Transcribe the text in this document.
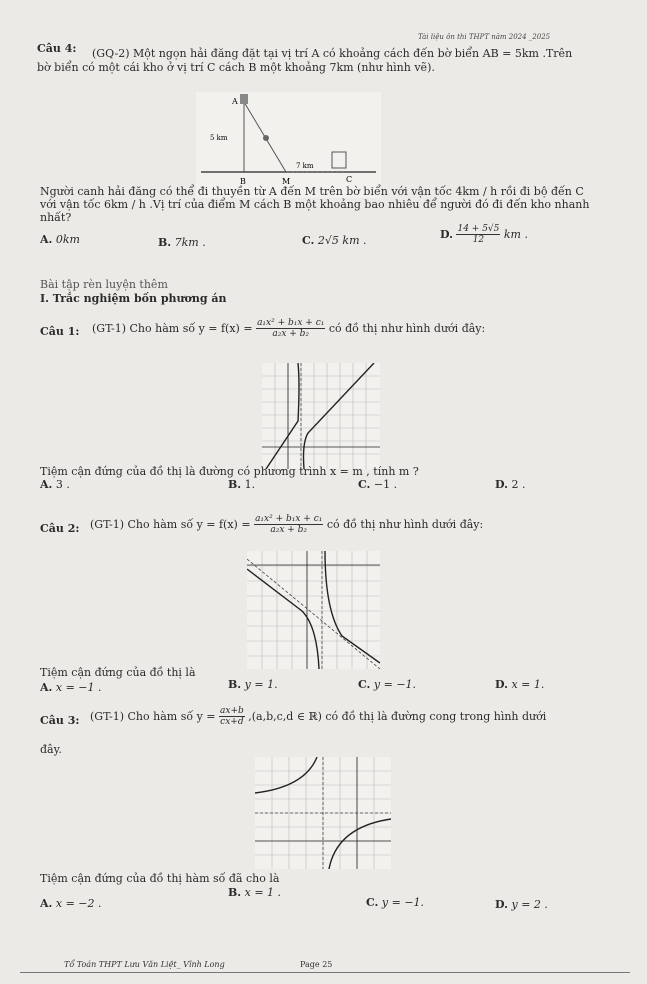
Tài liệu ôn thi THPT năm 2024 _2025
Câu 4: (GQ-2) Một ngọn hải đăng đặt tại vị trí A có khoảng cách đến bờ biển AB = 5km .Trên
bờ biển có một cái kho ở vị trí C cách B một khoảng 7km (như hình vẽ).
A
B	M	C
5 km
7 km
Người canh hải đăng có thể đi thuyền từ A đến M trên bờ biển với vận tốc 4km / h rồi đi bộ đến C
với vận tốc 6km / h .Vị trí của điểm M cách B một khoảng bao nhiêu để người đó đi đến kho nhanh
nhất?
A. 0km	B. 7km .	C. 2√5 km .	D. $\frac{14 + 5√5}{12}$ km .
Bài tập rèn luyện thêm
I. Trắc nghiệm bốn phương án
Câu 1: (GT-1) Cho hàm số $y = f(x) = \frac{\text{a₁x² + b₁x + c₁}}{\text{a₂x + b₂}}$ có đồ thị như hình dưới đây:
Tiệm cận đứng của đồ thị là đường có phương trình x = m , tính m ?
A. 3 .	B. 1.	C. −1 .	D. 2 .
Câu 2: (GT-1) Cho hàm số $y = f(x) = \frac{\text{a₁x² + b₁x + c₁}}{\text{a₂x + b₂}}$ có đồ thị như hình dưới đây:
Tiệm cận đứng của đồ thị là
A. x = −1 .	B. y = 1.	C. y = −1.	D. x = 1.
Câu 3: (GT-1) Cho hàm số $y = \frac{ax+b}{cx+d} ,(a,b,c,d$ ∈ ℝ) có đồ thị là đường cong trong hình dưới
đây.
Tiệm cận đứng của đồ thị hàm số đã cho là
A. x = −2 .
B. x = 1 .
C. y = −1.	D. y = 2 .
Tổ Toán THPT Lưu Văn Liệt_ Vĩnh Long	Page 25
